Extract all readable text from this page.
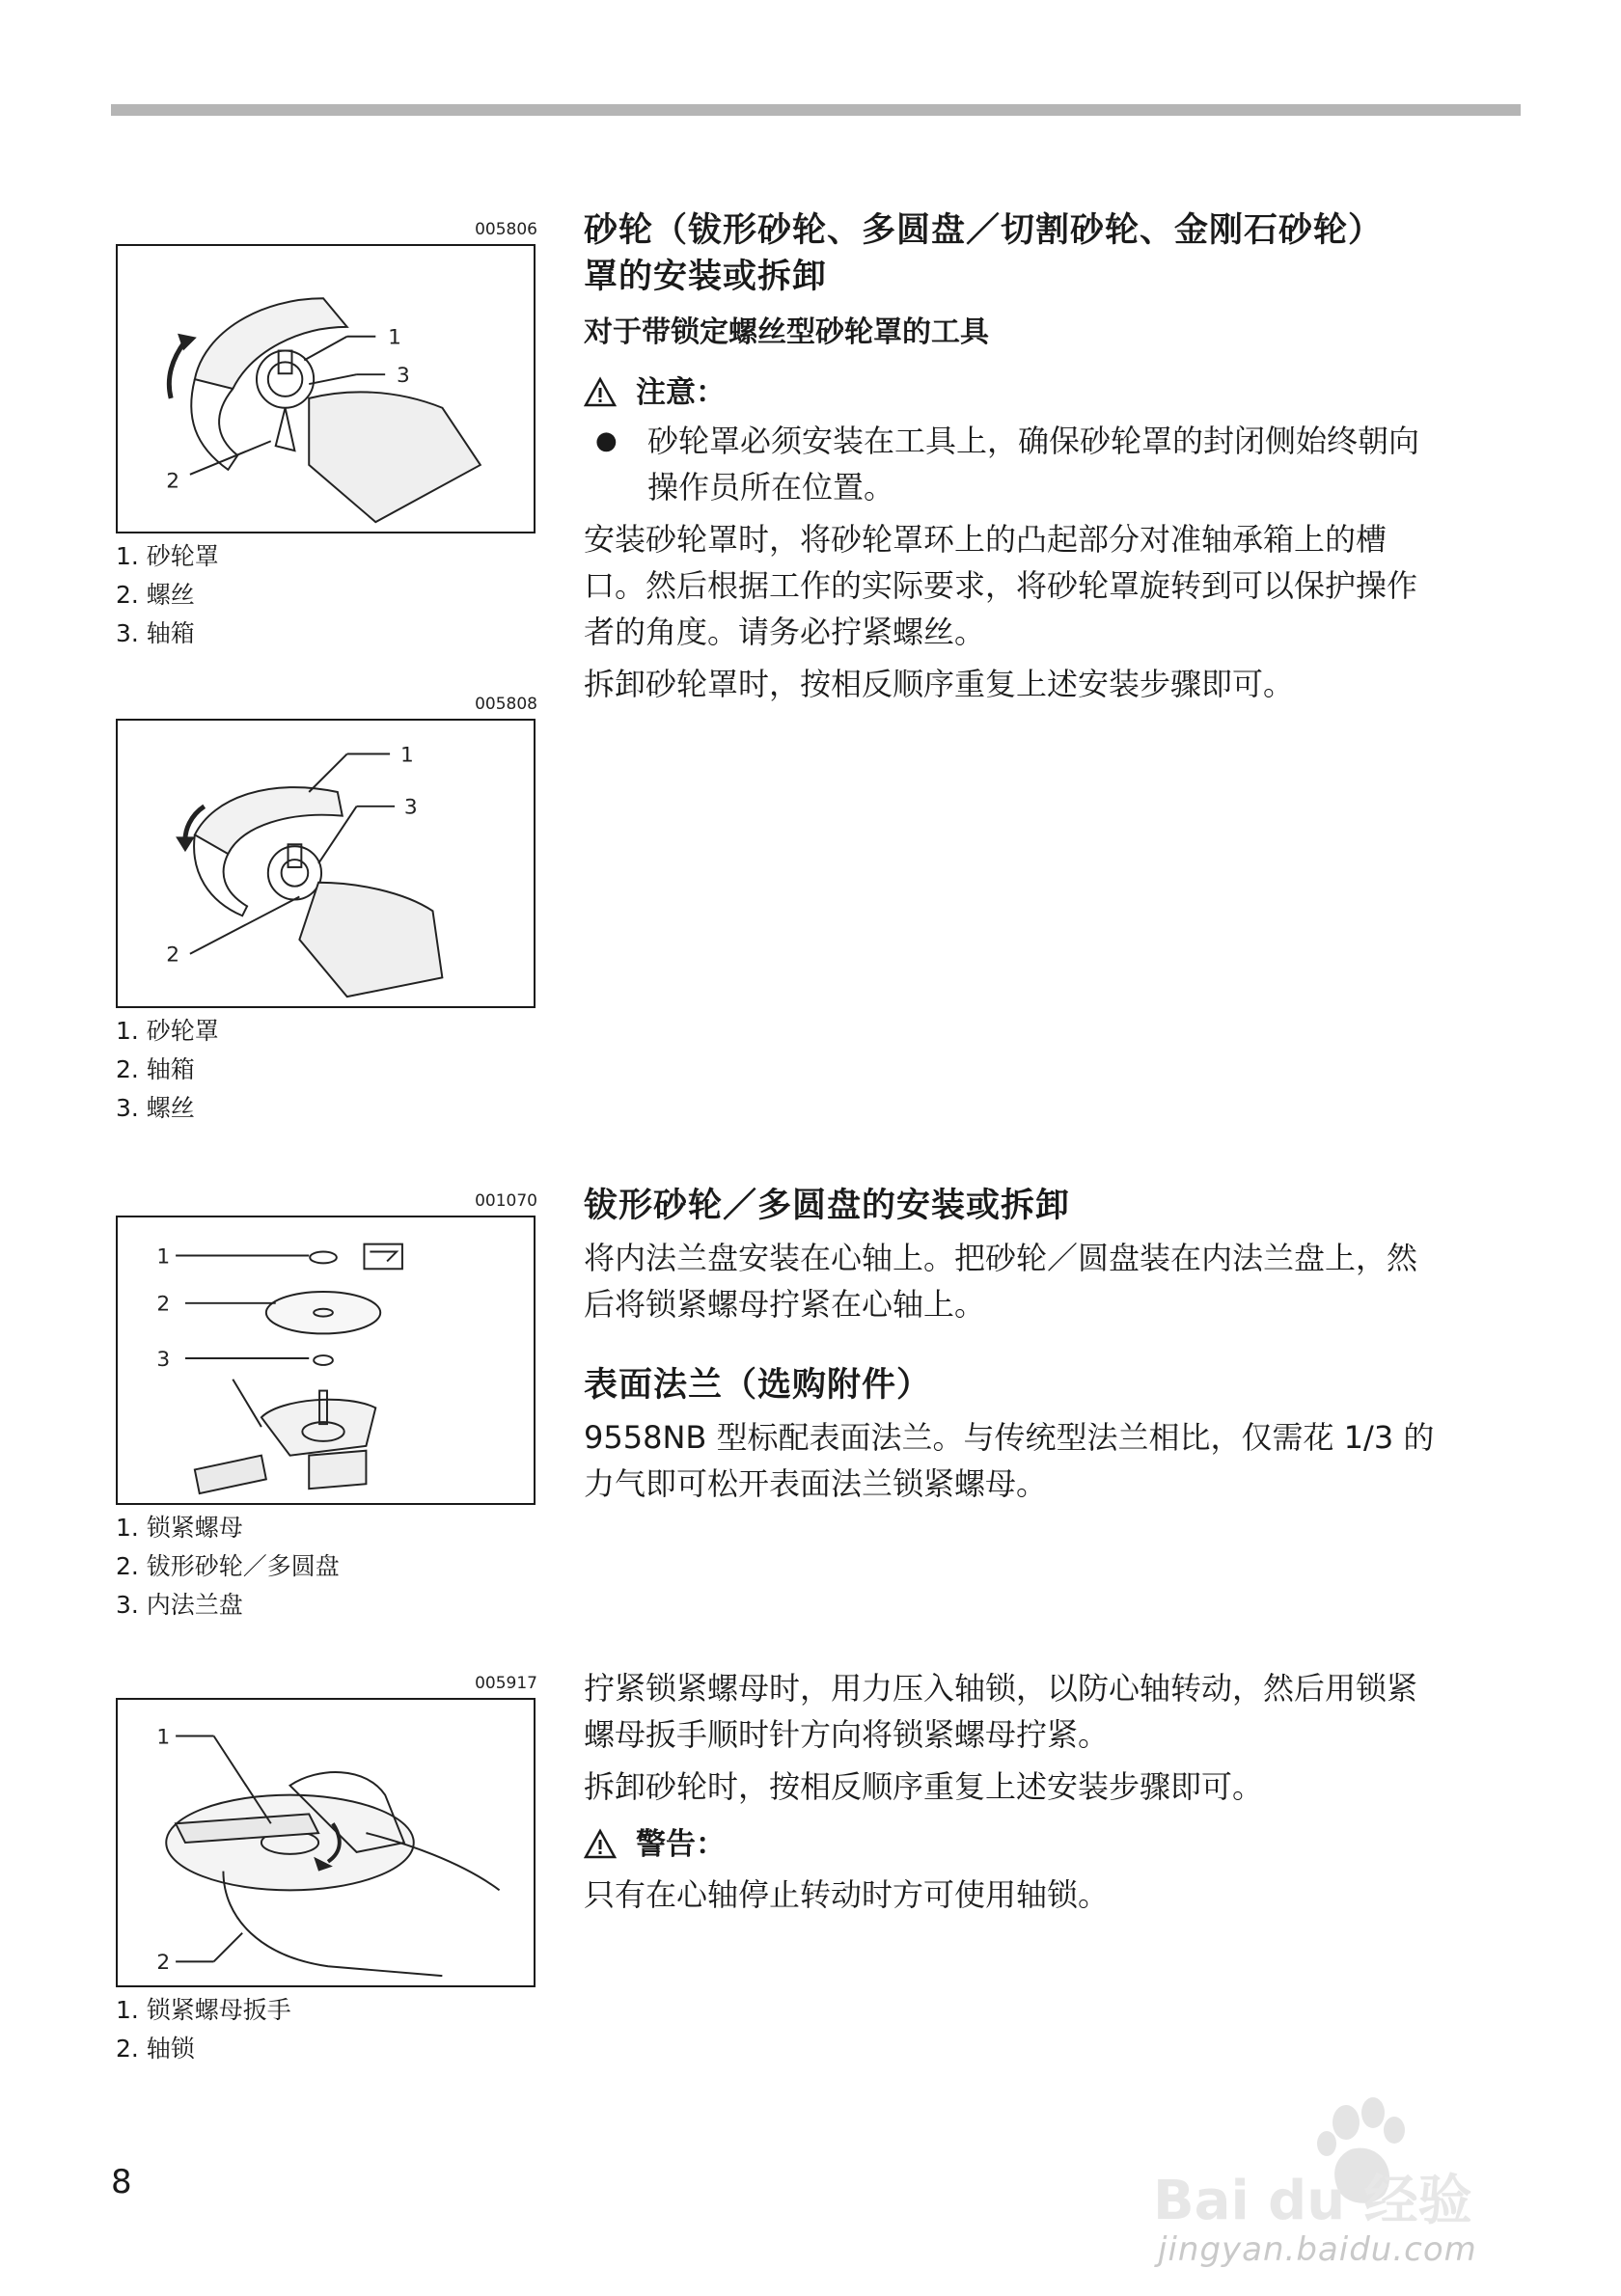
005806
1
3
2
1. 砂轮罩
2. 螺丝
3. 轴箱
005808
1
3
2
1. 砂轮罩
2. 轴箱
3. 螺丝
001070
1
2
3
1. 锁紧螺母
2. 钹形砂轮／多圆盘
3. 内法兰盘
005917
1
2
1. 锁紧螺母扳手
2. 轴锁

砂轮（钹形砂轮、多圆盘／切割砂轮、金刚石砂轮）

罩的安装或拆卸

对于带锁定螺丝型砂轮罩的工具

注意：
● 砂轮罩必须安装在工具上，确保砂轮罩的封闭侧始终朝向
操作员所在位置。

安装砂轮罩时，将砂轮罩环上的凸起部分对准轴承箱上的槽

口。然后根据工作的实际要求，将砂轮罩旋转到可以保护操作

者的角度。请务必拧紧螺丝。

拆卸砂轮罩时，按相反顺序重复上述安装步骤即可。

钹形砂轮／多圆盘的安装或拆卸

将内法兰盘安装在心轴上。把砂轮／圆盘装在内法兰盘上，然

后将锁紧螺母拧紧在心轴上。

表面法兰（选购附件）

9558NB 型标配表面法兰。与传统型法兰相比，仅需花 1/3 的

力气即可松开表面法兰锁紧螺母。

拧紧锁紧螺母时，用力压入轴锁，以防心轴转动，然后用锁紧

螺母扳手顺时针方向将锁紧螺母拧紧。

拆卸砂轮时，按相反顺序重复上述安装步骤即可。

警告：

只有在心轴停止转动时方可使用轴锁。

8	Bai du 经验
jingyan.baidu.com
